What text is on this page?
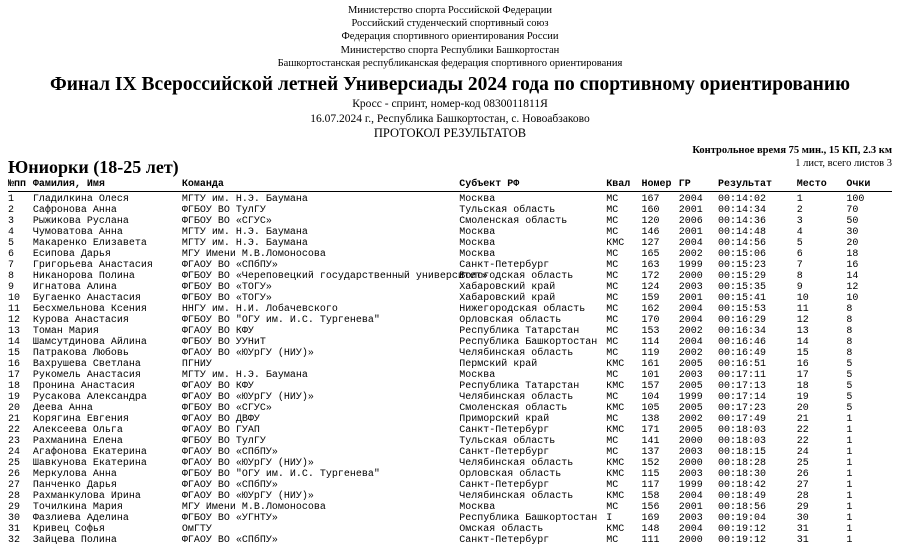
Министерство спорта Российской Федерации
Российский студенческий спортивный союз
Федерация спортивного ориентирования России
Министерство спорта Республики Башкортостан
Башкортостанская республиканская федерация спортивного ориентирования
Финал IX Всероссийской летней Универсиады 2024 года по спортивному ориентированию
Кросс - спринт, номер-код 0830011811Я
16.07.2024 г., Республика Башкортостан, с. Новоабзаково
ПРОТОКОЛ РЕЗУЛЬТАТОВ
Юниорки (18-25 лет)
Контрольное время 75 мин., 15 КП, 2.3 км
1 лист, всего листов 3
№пп	Фамилия, Имя	Команда	Субъект РФ	Квал	Номер	ГР	Результат	Место	Очки
1	Гладилкина Олеся	МГТУ им. Н.Э. Баумана	Москва	МС	167	2004	00:14:02	1	100
2	Сафронова Анна	ФГБОУ ВО ТулГУ	Тульская область	МС	160	2001	00:14:34	2	70
3	Рыжикова Руслана	ФГБОУ ВО «СГУС»	Смоленская область	МС	120	2006	00:14:36	3	50
4	Чумоватова Анна	МГТУ им. Н.Э. Баумана	Москва	МС	146	2001	00:14:48	4	30
5	Макаренко Елизавета	МГТУ им. Н.Э. Баумана	Москва	КМС	127	2004	00:14:56	5	20
6	Есипова Дарья	МГУ Имени М.В.Ломоносова	Москва	МС	165	2002	00:15:06	6	18
7	Григорьева Анастасия	ФГАОУ ВО «СПбПУ»	Санкт-Петербург	МС	163	1999	00:15:23	7	16
8	Никанорова Полина	ФГБОУ ВО «Череповецкий государственный университет»	Вологодская область	МС	172	2000	00:15:29	8	14
9	Игнатова Алина	ФГБОУ ВО «ТОГУ»	Хабаровский край	МС	124	2003	00:15:35	9	12
10	Бугаенко Анастасия	ФГБОУ ВО «ТОГУ»	Хабаровский край	МС	159	2001	00:15:41	10	10
11	Бесхмельнова Ксения	ННГУ им. Н.И. Лобачевского	Нижегородская область	МС	162	2004	00:15:53	11	8
12	Курова Анастасия	ФГБОУ ВО "ОГУ им. И.С. Тургенева"	Орловская область	МС	170	2004	00:16:29	12	8
13	Томан Мария	ФГАОУ ВО КФУ	Республика Татарстан	МС	153	2002	00:16:34	13	8
14	Шамсутдинова Айлина	ФГБОУ ВО УУНиТ	Республика Башкортостан	МС	114	2004	00:16:46	14	8
15	Патракова Любовь	ФГАОУ ВО «ЮУрГУ (НИУ)»	Челябинская область	МС	119	2002	00:16:49	15	8
16	Вахрушева Светлана	ПГНИУ	Пермский край	КМС	161	2005	00:16:51	16	5
17	Рукомель Анастасия	МГТУ им. Н.Э. Баумана	Москва	МС	101	2003	00:17:11	17	5
18	Пронина Анастасия	ФГАОУ ВО КФУ	Республика Татарстан	КМС	157	2005	00:17:13	18	5
19	Русакова Александра	ФГАОУ ВО «ЮУрГУ (НИУ)»	Челябинская область	МС	104	1999	00:17:14	19	5
20	Деева Анна	ФГБОУ ВО «СГУС»	Смоленская область	КМС	105	2005	00:17:23	20	5
21	Корягина Евгения	ФГАОУ ВО ДВФУ	Приморский край	МС	138	2002	00:17:49	21	1
22	Алексеева Ольга	ФГАОУ ВО ГУАП	Санкт-Петербург	КМС	171	2005	00:18:03	22	1
23	Рахманина Елена	ФГБОУ ВО ТулГУ	Тульская область	МС	141	2000	00:18:03	22	1
24	Агафонова Екатерина	ФГАОУ ВО «СПбПУ»	Санкт-Петербург	МС	137	2003	00:18:15	24	1
25	Шавкунова Екатерина	ФГАОУ ВО «ЮУрГУ (НИУ)»	Челябинская область	КМС	152	2000	00:18:28	25	1
26	Меркулова Анна	ФГБОУ ВО "ОГУ им. И.С. Тургенева"	Орловская область	КМС	115	2003	00:18:30	26	1
27	Панченко Дарья	ФГАОУ ВО «СПбПУ»	Санкт-Петербург	МС	117	1999	00:18:42	27	1
28	Рахманкулова Ирина	ФГАОУ ВО «ЮУрГУ (НИУ)»	Челябинская область	КМС	158	2004	00:18:49	28	1
29	Точилкина Мария	МГУ Имени М.В.Ломоносова	Москва	МС	156	2001	00:18:56	29	1
30	Фазлиева Аделина	ФГБОУ ВО «УГНТУ»	Республика Башкортостан	I	169	2003	00:19:04	30	1
31	Кривец Софья	ОмГТУ	Омская область	КМС	148	2004	00:19:12	31	1
32	Зайцева Полина	ФГАОУ ВО «СПбПУ»	Санкт-Петербург	МС	111	2000	00:19:12	31	1
